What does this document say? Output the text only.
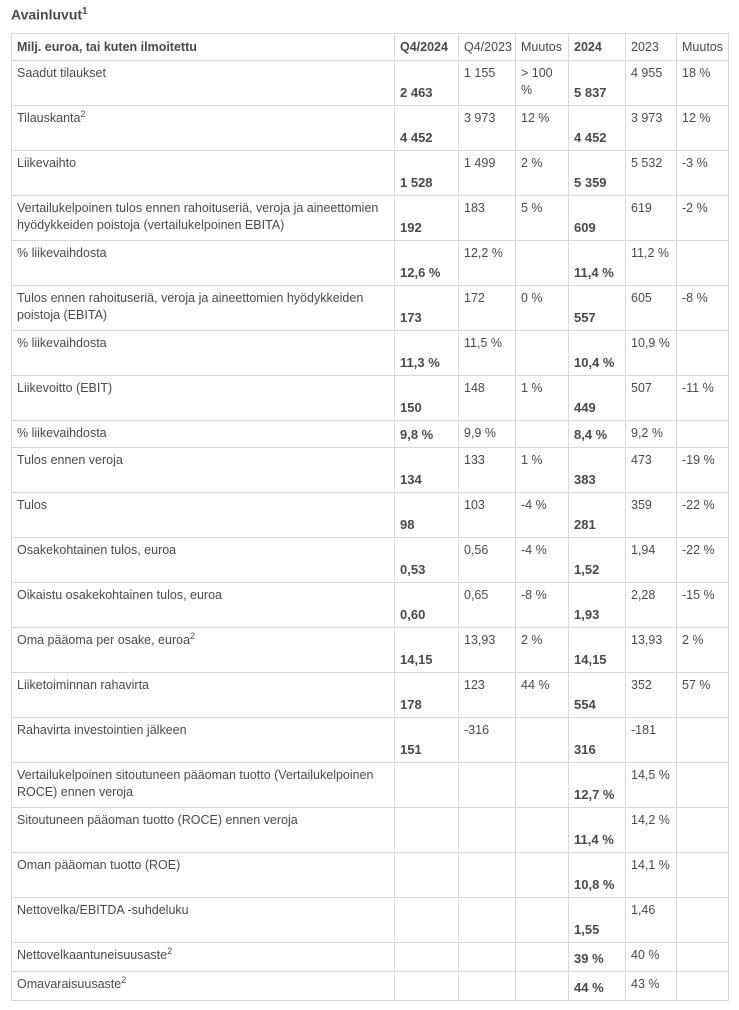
Avainluvut$^1$
Milj. euroa, tai kuten ilmoitettu	Q4/2024	Q4/2023	Muutos	2024	2023	Muutos
Saadut tilaukset	2 463	1 155	> 100 %	5 837	4 955	18 %
Tilauskanta$^2$	4 452	3 973	12 %	4 452	3 973	12 %
Liikevaihto	1 528	1 499	2 %	5 359	5 532	-3 %
Vertailukelpoinen tulos ennen rahoituseriä, veroja ja aineettomien hyödykkeiden poistoja (vertailukelpoinen EBITA)	192	183	5 %	609	619	-2 %
% liikevaihdosta	12,6 %	12,2 %		11,4 %	11,2 %	
Tulos ennen rahoituseriä, veroja ja aineettomien hyödykkeiden poistoja (EBITA)	173	172	0 %	557	605	-8 %
% liikevaihdosta	11,3 %	11,5 %		10,4 %	10,9 %	
Liikevoitto (EBIT)	150	148	1 %	449	507	-11 %
% liikevaihdosta	9,8 %	9,9 %		8,4 %	9,2 %	
Tulos ennen veroja	134	133	1 %	383	473	-19 %
Tulos	98	103	-4 %	281	359	-22 %
Osakekohtainen tulos, euroa	0,53	0,56	-4 %	1,52	1,94	-22 %
Oikaistu osakekohtainen tulos, euroa	0,60	0,65	-8 %	1,93	2,28	-15 %
Oma pääoma per osake, euroa$^2$	14,15	13,93	2 %	14,15	13,93	2 %
Liiketoiminnan rahavirta	178	123	44 %	554	352	57 %
Rahavirta investointien jälkeen	151	-316		316	-181	
Vertailukelpoinen sitoutuneen pääoman tuotto (Vertailukelpoinen ROCE) ennen veroja				12,7 %	14,5 %	
Sitoutuneen pääoman tuotto (ROCE) ennen veroja				11,4 %	14,2 %	
Oman pääoman tuotto (ROE)				10,8 %	14,1 %	
Nettovelka/EBITDA -suhdeluku				1,55	1,46	
Nettovelkaantuneisuusaste$^2$				39 %	40 %	
Omavaraisuusaste$^2$				44 %	43 %	
